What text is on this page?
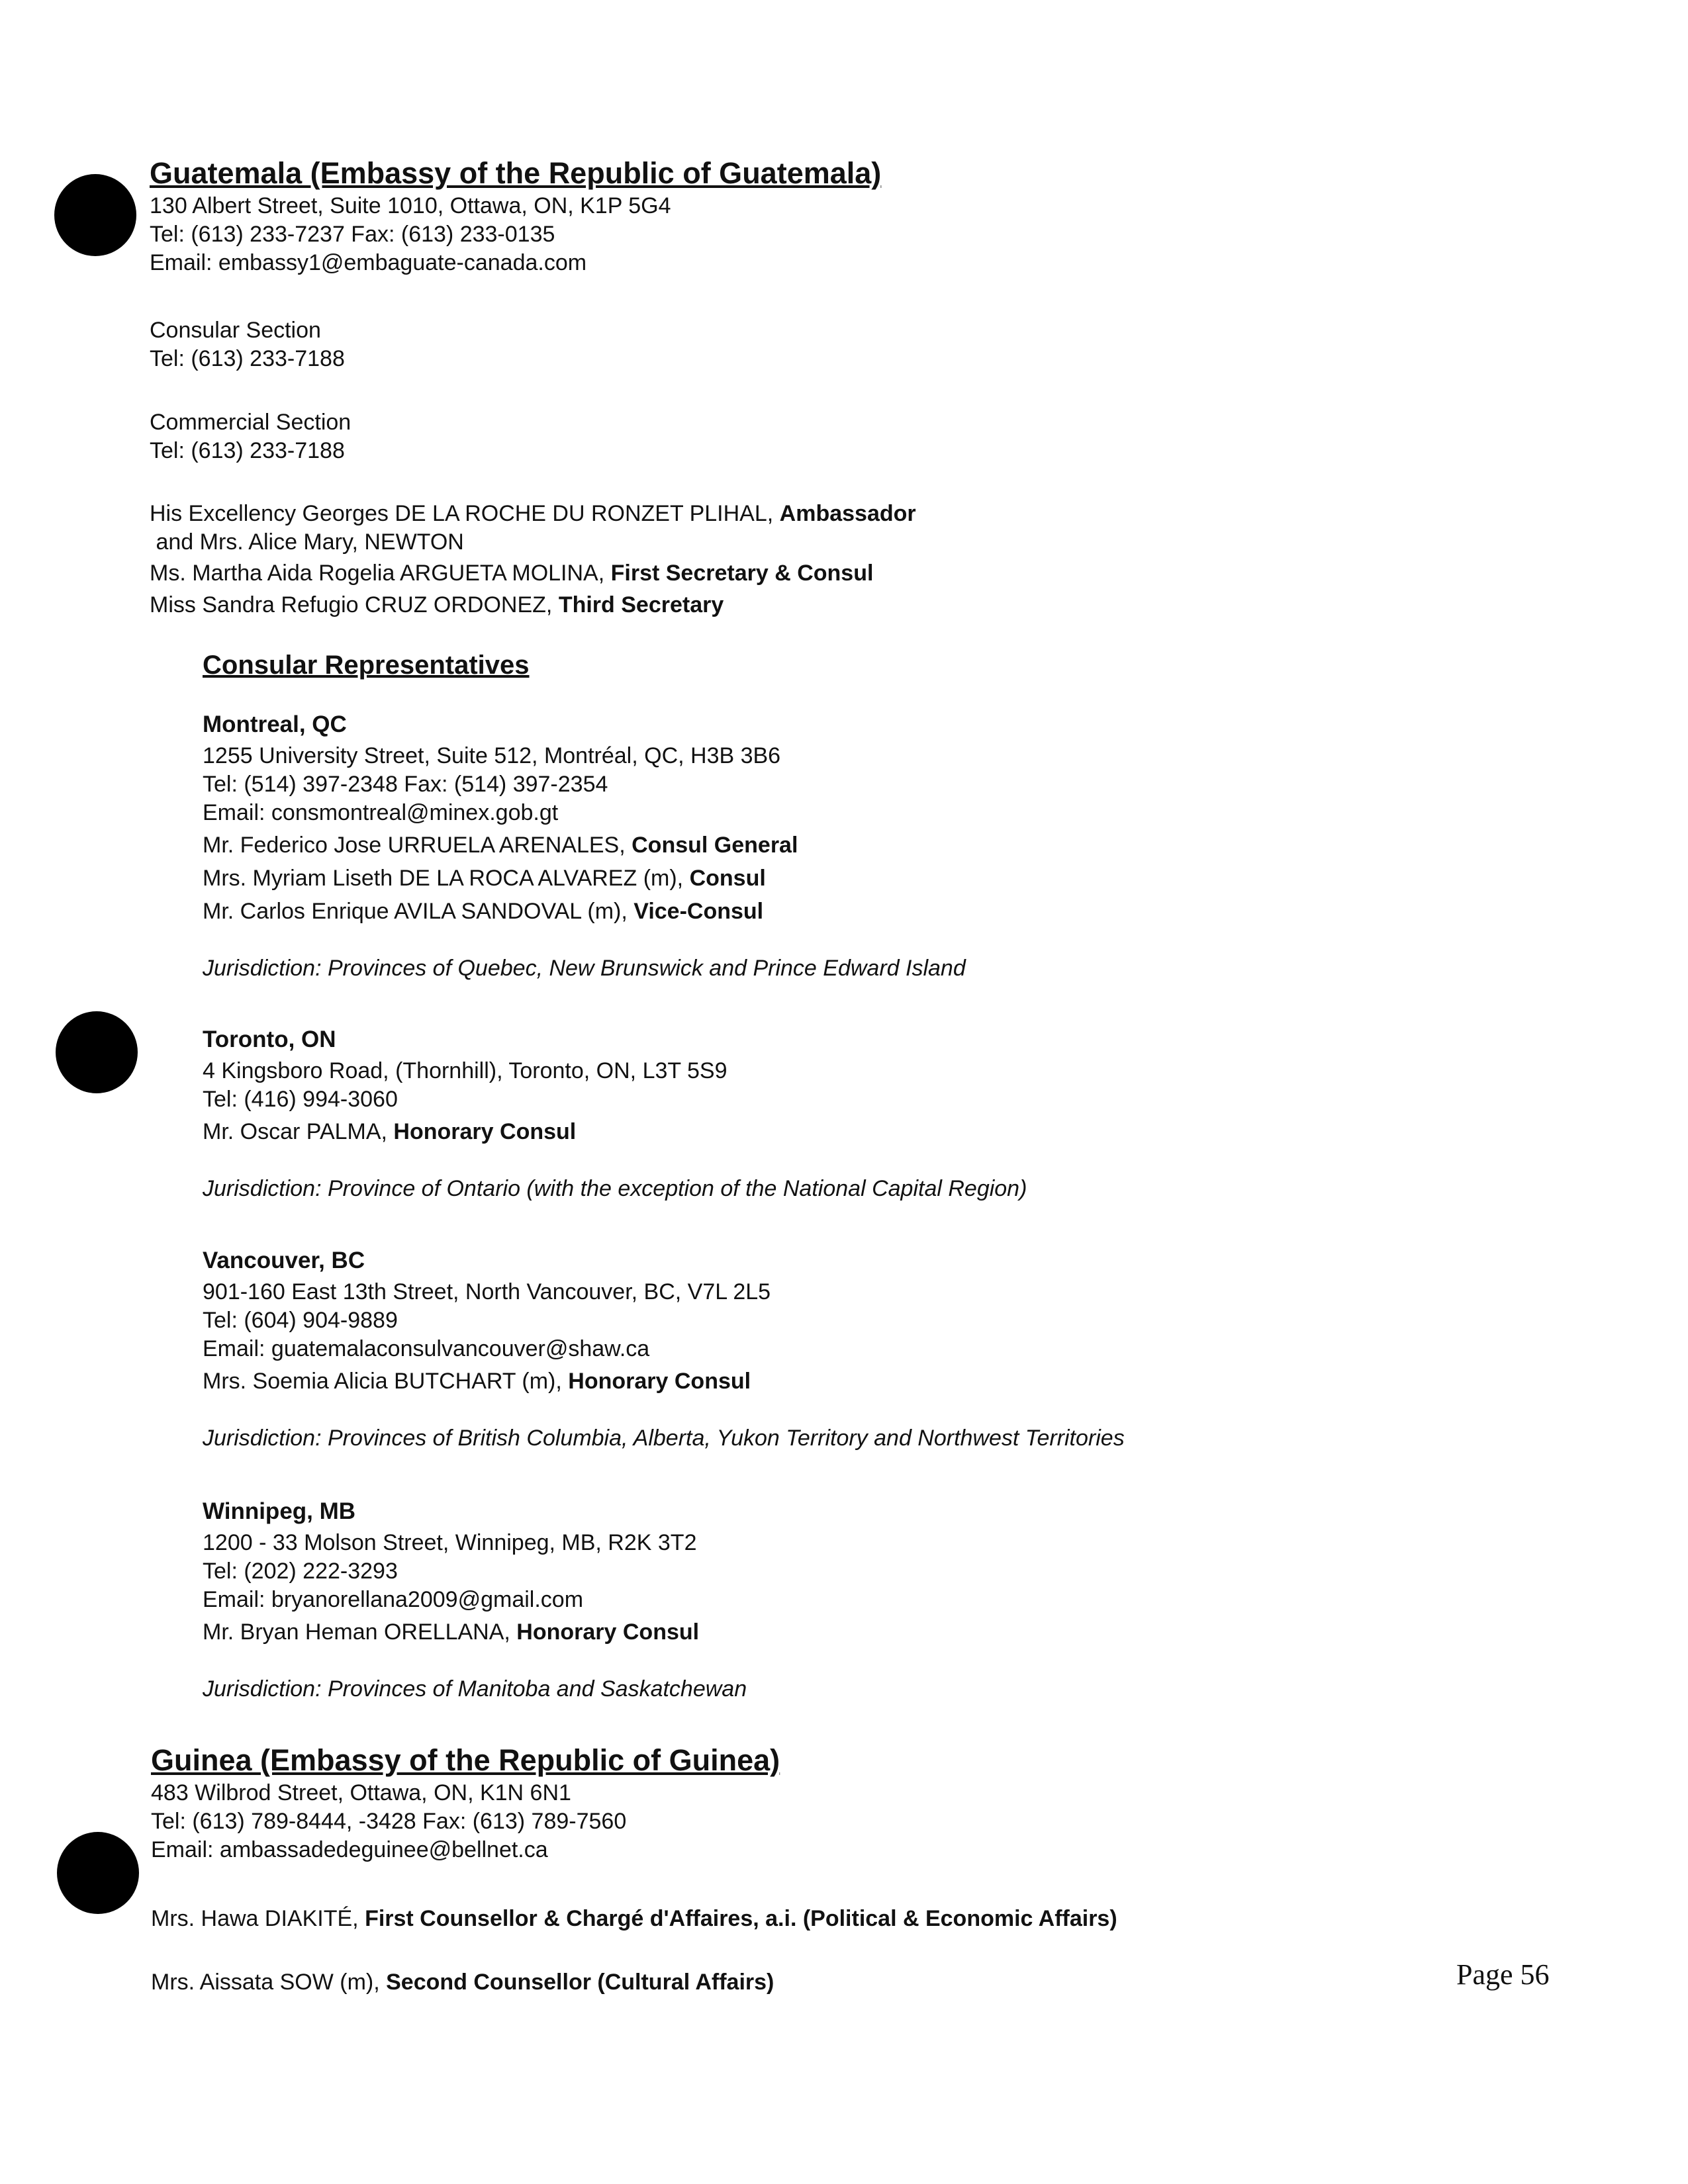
Guatemala (Embassy of the Republic of Guatemala)
130 Albert Street, Suite 1010, Ottawa, ON, K1P 5G4
Tel: (613) 233-7237 Fax: (613) 233-0135
Email: embassy1@embaguate-canada.com
Consular Section
Tel: (613) 233-7188
Commercial Section
Tel: (613) 233-7188
His Excellency Georges DE LA ROCHE DU RONZET PLIHAL, Ambassador
and Mrs. Alice Mary, NEWTON
Ms. Martha Aida Rogelia ARGUETA MOLINA, First Secretary & Consul
Miss Sandra Refugio CRUZ ORDONEZ, Third Secretary
Consular Representatives
Montreal, QC
1255 University Street, Suite 512, Montréal, QC, H3B 3B6
Tel: (514) 397-2348 Fax: (514) 397-2354
Email: consmontreal@minex.gob.gt
Mr. Federico Jose URRUELA ARENALES, Consul General
Mrs. Myriam Liseth DE LA ROCA ALVAREZ (m), Consul
Mr. Carlos Enrique AVILA SANDOVAL (m), Vice-Consul
Jurisdiction: Provinces of Quebec, New Brunswick and Prince Edward Island
Toronto, ON
4 Kingsboro Road, (Thornhill), Toronto, ON, L3T 5S9
Tel: (416) 994-3060
Mr. Oscar PALMA, Honorary Consul
Jurisdiction: Province of Ontario (with the exception of the National Capital Region)
Vancouver, BC
901-160 East 13th Street, North Vancouver, BC, V7L 2L5
Tel: (604) 904-9889
Email: guatemalaconsulvancouver@shaw.ca
Mrs. Soemia Alicia BUTCHART (m), Honorary Consul
Jurisdiction: Provinces of British Columbia, Alberta, Yukon Territory and Northwest Territories
Winnipeg, MB
1200 - 33 Molson Street, Winnipeg, MB, R2K 3T2
Tel: (202) 222-3293
Email: bryanorellana2009@gmail.com
Mr. Bryan Heman ORELLANA, Honorary Consul
Jurisdiction: Provinces of Manitoba and Saskatchewan
Guinea (Embassy of the Republic of Guinea)
483 Wilbrod Street, Ottawa, ON, K1N 6N1
Tel: (613) 789-8444, -3428 Fax: (613) 789-7560
Email: ambassadedeguinee@bellnet.ca
Mrs. Hawa DIAKITÉ, First Counsellor & Chargé d'Affaires, a.i. (Political & Economic Affairs)
Mrs. Aissata SOW (m), Second Counsellor (Cultural Affairs)	Page 56
